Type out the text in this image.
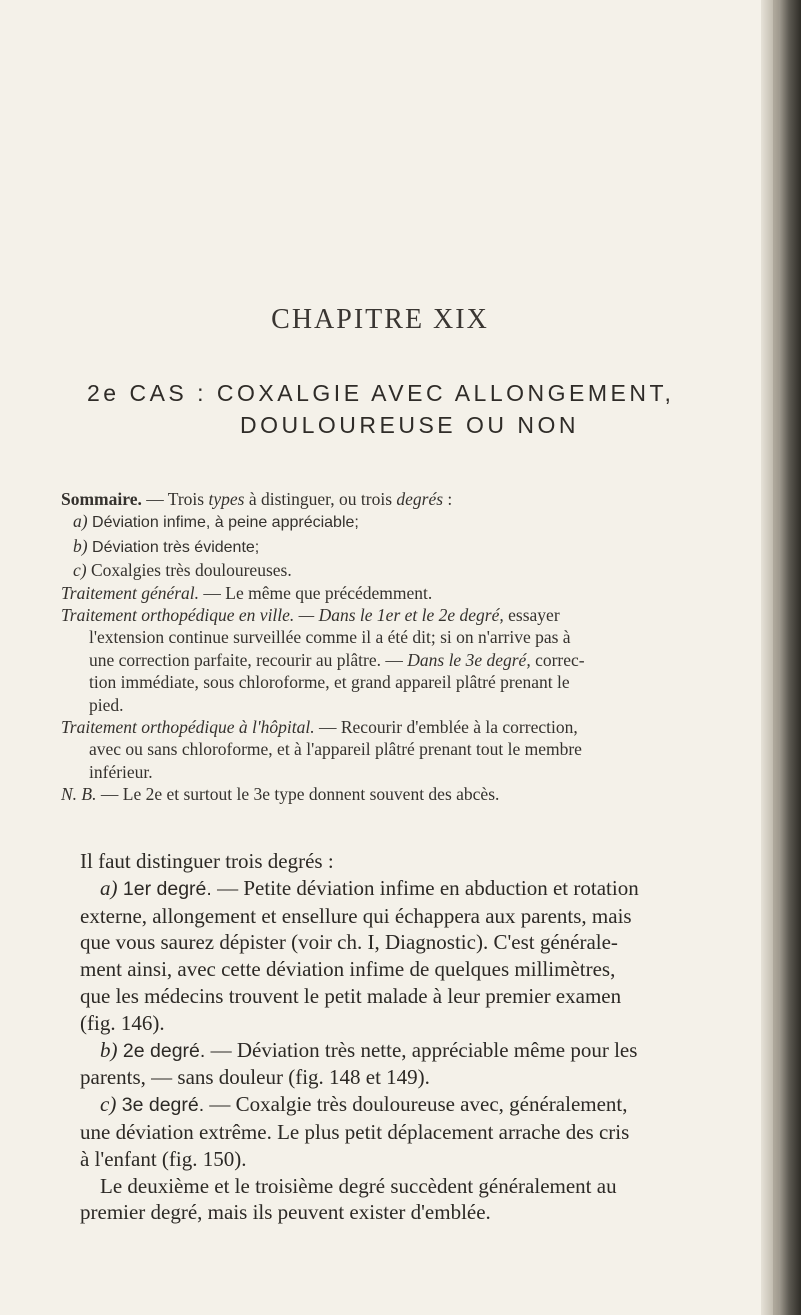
CHAPITRE XIX
2e CAS : COXALGIE AVEC ALLONGEMENT,
DOULOUREUSE OU NON
Sommaire. — Trois types à distinguer, ou trois degrés :
a) Déviation infime, à peine appréciable;
b) Déviation très évidente;
c) Coxalgies très douloureuses.
Traitement général. — Le même que précédemment.
Traitement orthopédique en ville. — Dans le 1er et le 2e degré, essayer
l'extension continue surveillée comme il a été dit; si on n'arrive pas à
une correction parfaite, recourir au plâtre. — Dans le 3e degré, correc-
tion immédiate, sous chloroforme, et grand appareil plâtré prenant le
pied.
Traitement orthopédique à l'hôpital. — Recourir d'emblée à la correction,
avec ou sans chloroforme, et à l'appareil plâtré prenant tout le membre
inférieur.
N. B. — Le 2e et surtout le 3e type donnent souvent des abcès.
Il faut distinguer trois degrés :
a) 1er degré. — Petite déviation infime en abduction et rotation
externe, allongement et ensellure qui échappera aux parents, mais
que vous saurez dépister (voir ch. I, Diagnostic). C'est générale-
ment ainsi, avec cette déviation infime de quelques millimètres,
que les médecins trouvent le petit malade à leur premier examen
(fig. 146).
b) 2e degré. — Déviation très nette, appréciable même pour les
parents, — sans douleur (fig. 148 et 149).
c) 3e degré. — Coxalgie très douloureuse avec, généralement,
une déviation extrême. Le plus petit déplacement arrache des cris
à l'enfant (fig. 150).
Le deuxième et le troisième degré succèdent généralement au
premier degré, mais ils peuvent exister d'emblée.
